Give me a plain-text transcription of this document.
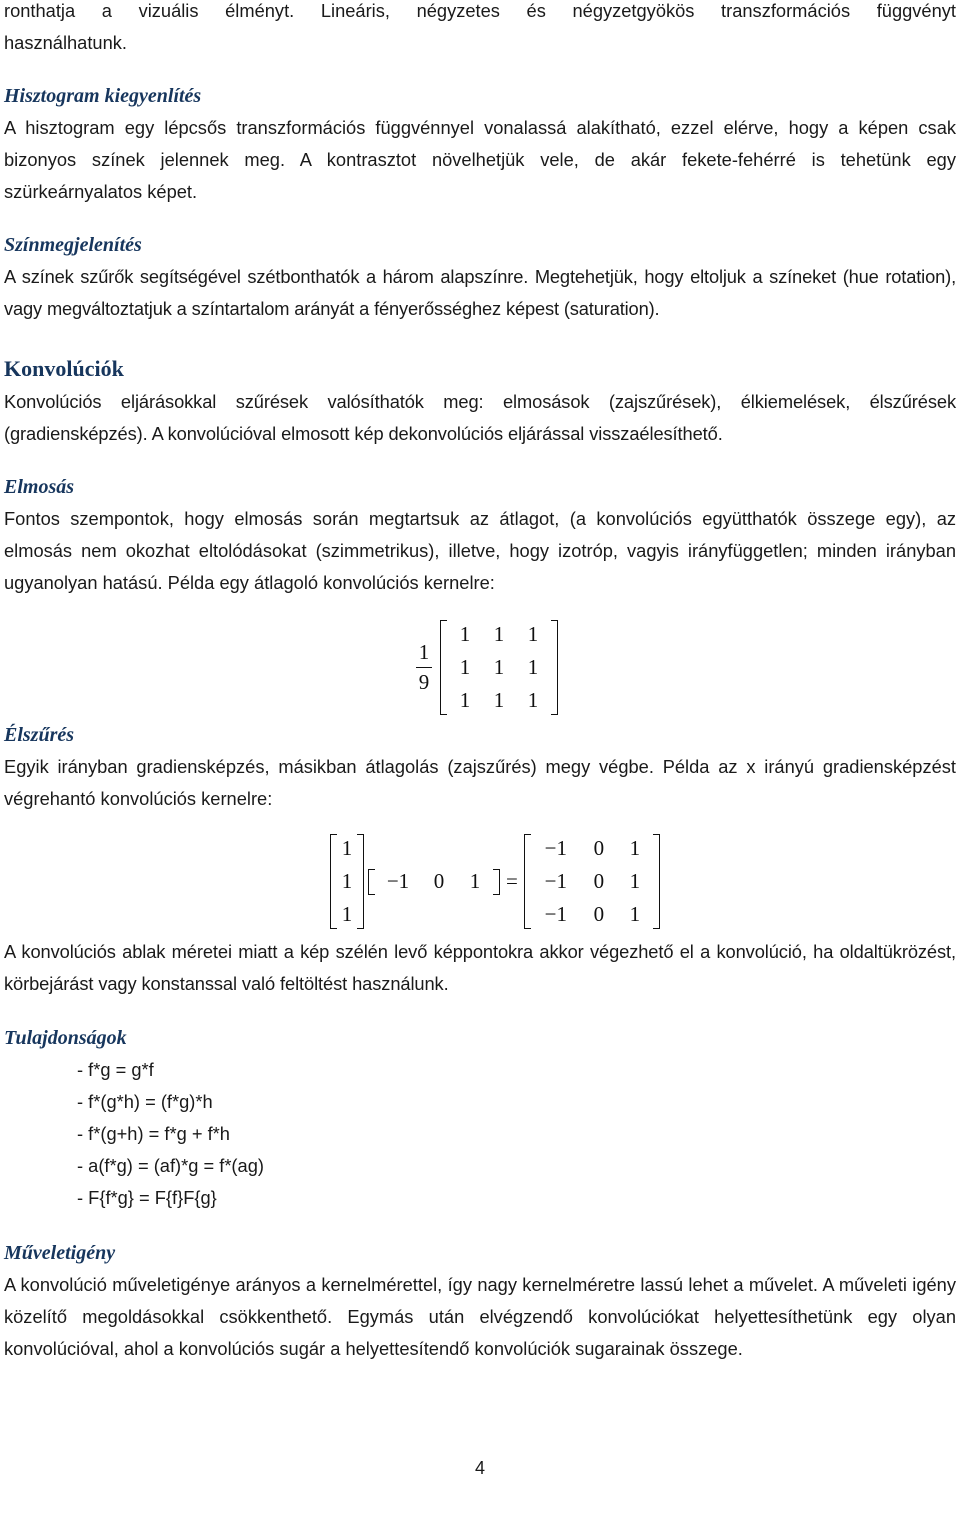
ronthatja a vizuális élményt. Lineáris, négyzetes és négyzetgyökös transzformációs függvényt

használhatunk.

Hisztogram kiegyenlítés

A hisztogram egy lépcsős transzformációs függvénnyel vonalassá alakítható, ezzel elérve, hogy a képen csak bizonyos színek jelennek meg. A kontrasztot növelhetjük vele, de akár fekete-fehérré is tehetünk egy szürkeárnyalatos képet.

Színmegjelenítés

A színek szűrők segítségével szétbonthatók a három alapszínre. Megtehetjük, hogy eltoljuk a színeket (hue rotation), vagy megváltoztatjuk a színtartalom arányát a fényerősséghez képest (saturation).

Konvolúciók

Konvolúciós eljárásokkal szűrések valósíthatók meg: elmosások (zajszűrések), élkiemelések, élszűrések (gradiensképzés). A konvolúcióval elmosott kép dekonvolúciós eljárással visszaélesíthető.

Elmosás

Fontos szempontok, hogy elmosás során megtartsuk az átlagot, (a konvolúciós együtthatók összege egy), az elmosás nem okozhat eltolódásokat (szimmetrikus), illetve, hogy izotróp, vagyis irányfüggetlen; minden irányban ugyanolyan hatású. Példa egy átlagoló konvolúciós kernelre:

1
9
1	1	1
1	1	1
1	1	1

Élszűrés

Egyik irányban gradiensképzés, másikban átlagolás (zajszűrés) megy végbe. Példa az x irányú gradiensképzést végrehantó konvolúciós kernelre:

1
1
1
−1	0	1	=
−1	0	1
−1	0	1
−1	0	1

A konvolúciós ablak méretei miatt a kép szélén levő képpontokra akkor végezhető el a konvolúció, ha oldaltükrözést, körbejárást vagy konstanssal való feltöltést használunk.

Tulajdonságok

- f*g = g*f
- f*(g*h) = (f*g)*h
- f*(g+h) = f*g + f*h
- a(f*g) = (af)*g = f*(ag)
- F{f*g} = F{f}F{g}

Műveletigény

A konvolúció műveletigénye arányos a kernelmérettel, így nagy kernelméretre lassú lehet a művelet. A műveleti igény közelítő megoldásokkal csökkenthető. Egymás után elvégzendő konvolúciókat helyettesíthetünk egy olyan konvolúcióval, ahol a konvolúciós sugár a helyettesítendő konvolúciók sugarainak összege.

4
